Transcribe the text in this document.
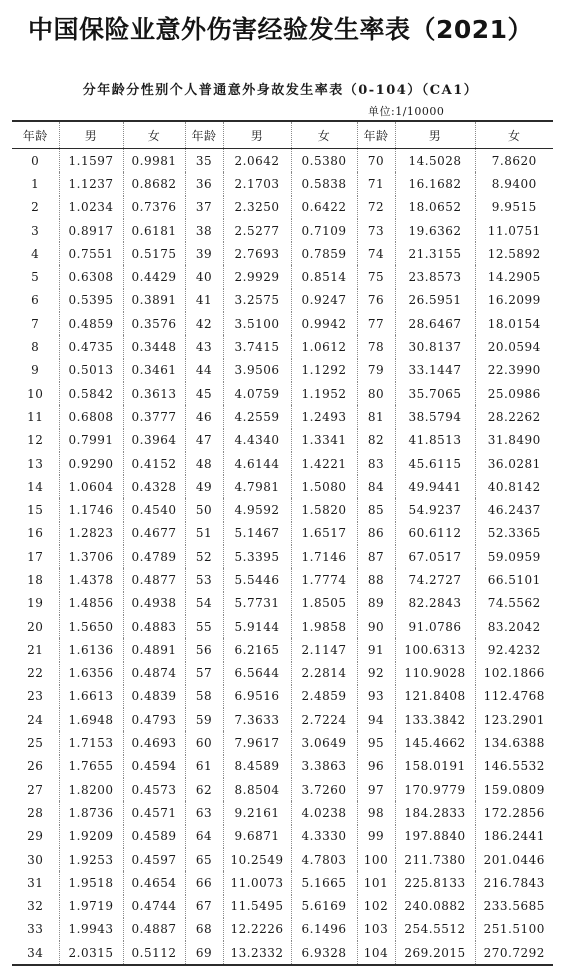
中国保险业意外伤害经验发生率表（2021）
分年龄分性别个人普通意外身故发生率表（0-104）（CA1）
单位:1/10000
年龄	男	女	年龄	男	女	年龄	男	女
0	1.1597	0.9981	35	2.0642	0.5380	70	14.5028	7.8620
1	1.1237	0.8682	36	2.1703	0.5838	71	16.1682	8.9400
2	1.0234	0.7376	37	2.3250	0.6422	72	18.0652	9.9515
3	0.8917	0.6181	38	2.5277	0.7109	73	19.6362	11.0751
4	0.7551	0.5175	39	2.7693	0.7859	74	21.3155	12.5892
5	0.6308	0.4429	40	2.9929	0.8514	75	23.8573	14.2905
6	0.5395	0.3891	41	3.2575	0.9247	76	26.5951	16.2099
7	0.4859	0.3576	42	3.5100	0.9942	77	28.6467	18.0154
8	0.4735	0.3448	43	3.7415	1.0612	78	30.8137	20.0594
9	0.5013	0.3461	44	3.9506	1.1292	79	33.1447	22.3990
10	0.5842	0.3613	45	4.0759	1.1952	80	35.7065	25.0986
11	0.6808	0.3777	46	4.2559	1.2493	81	38.5794	28.2262
12	0.7991	0.3964	47	4.4340	1.3341	82	41.8513	31.8490
13	0.9290	0.4152	48	4.6144	1.4221	83	45.6115	36.0281
14	1.0604	0.4328	49	4.7981	1.5080	84	49.9441	40.8142
15	1.1746	0.4540	50	4.9592	1.5820	85	54.9237	46.2437
16	1.2823	0.4677	51	5.1467	1.6517	86	60.6112	52.3365
17	1.3706	0.4789	52	5.3395	1.7146	87	67.0517	59.0959
18	1.4378	0.4877	53	5.5446	1.7774	88	74.2727	66.5101
19	1.4856	0.4938	54	5.7731	1.8505	89	82.2843	74.5562
20	1.5650	0.4883	55	5.9144	1.9858	90	91.0786	83.2042
21	1.6136	0.4891	56	6.2165	2.1147	91	100.6313	92.4232
22	1.6356	0.4874	57	6.5644	2.2814	92	110.9028	102.1866
23	1.6613	0.4839	58	6.9516	2.4859	93	121.8408	112.4768
24	1.6948	0.4793	59	7.3633	2.7224	94	133.3842	123.2901
25	1.7153	0.4693	60	7.9617	3.0649	95	145.4662	134.6388
26	1.7655	0.4594	61	8.4589	3.3863	96	158.0191	146.5532
27	1.8200	0.4573	62	8.8504	3.7260	97	170.9779	159.0809
28	1.8736	0.4571	63	9.2161	4.0238	98	184.2833	172.2856
29	1.9209	0.4589	64	9.6871	4.3330	99	197.8840	186.2441
30	1.9253	0.4597	65	10.2549	4.7803	100	211.7380	201.0446
31	1.9518	0.4654	66	11.0073	5.1665	101	225.8133	216.7843
32	1.9719	0.4744	67	11.5495	5.6169	102	240.0882	233.5685
33	1.9943	0.4887	68	12.2226	6.1496	103	254.5512	251.5100
34	2.0315	0.5112	69	13.2332	6.9328	104	269.2015	270.7292
